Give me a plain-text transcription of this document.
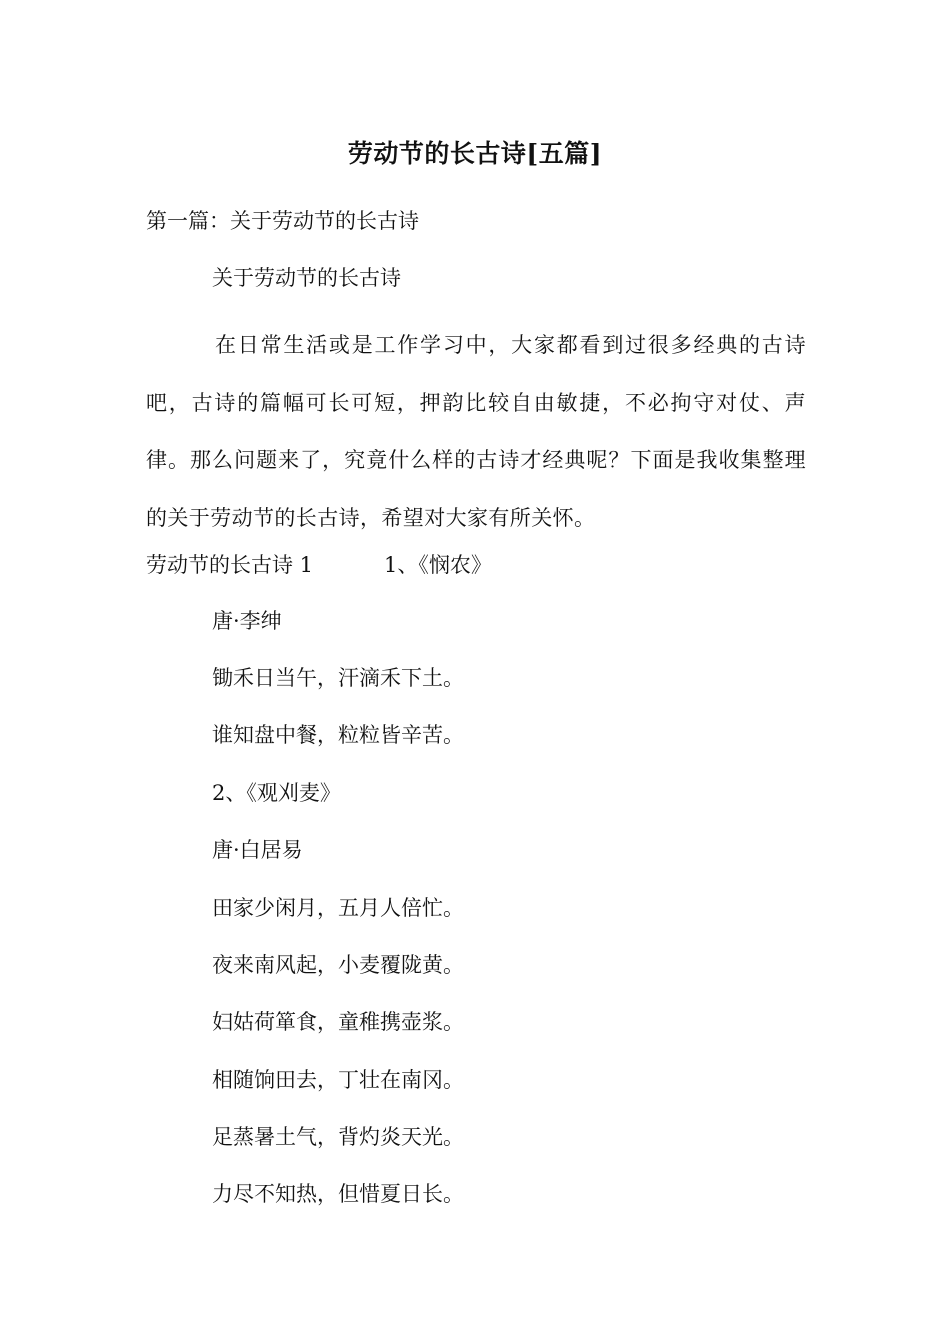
劳动节的长古诗[五篇]
第一篇：关于劳动节的长古诗
关于劳动节的长古诗
在日常生活或是工作学习中，大家都看到过很多经典的古诗吧，古诗的篇幅可长可短，押韵比较自由敏捷，不必拘守对仗、声律。那么问题来了，究竟什么样的古诗才经典呢？下面是我收集整理的关于劳动节的长古诗，希望对大家有所关怀。
劳动节的长古诗 1	1、《悯农》
唐·李绅
锄禾日当午，汗滴禾下土。
谁知盘中餐，粒粒皆辛苦。
2、《观刈麦》
唐·白居易
田家少闲月，五月人倍忙。
夜来南风起，小麦覆陇黄。
妇姑荷箪食，童稚携壶浆。
相随饷田去，丁壮在南冈。
足蒸暑土气，背灼炎天光。
力尽不知热，但惜夏日长。
